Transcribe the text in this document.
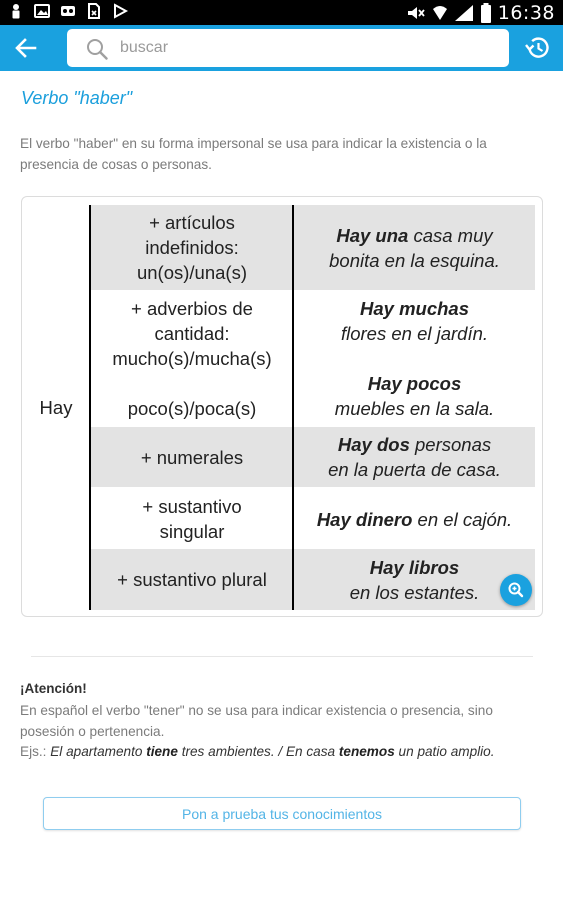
16:38
buscar
Verbo "haber"
El verbo "haber" en su forma impersonal se usa para indicar la existencia o la presencia de cosas o personas.
Hay
+ artículos
indefinidos:
un(os)/una(s)
Hay una casa muy
bonita en la esquina.
+ adverbios de
cantidad:
mucho(s)/mucha(s)
Hay muchas
flores en el jardín.
poco(s)/poca(s)
Hay pocos
muebles en la sala.
+ numerales
Hay dos personas
en la puerta de casa.
+ sustantivo
singular
Hay dinero en el cajón.
+ sustantivo plural
Hay libros
en los estantes.
¡Atención!
En español el verbo "tener" no se usa para indicar existencia o presencia, sino posesión o pertenencia.
Ejs.: El apartamento tiene tres ambientes. / En casa tenemos un patio amplio.
Pon a prueba tus conocimientos
